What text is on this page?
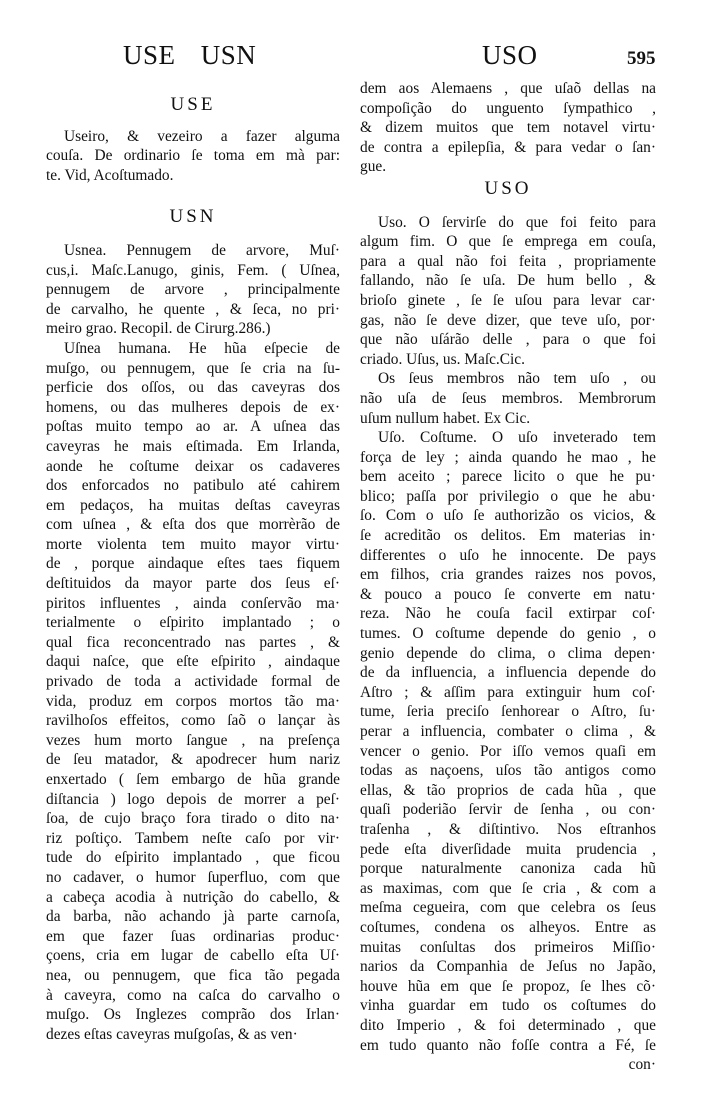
USE USN	USO	595
USE
Useiro, & vezeiro a fazer alguma
couſa. De ordinario ſe toma em mà par:
te. Vid, Acoſtumado.
USN
Usnea. Pennugem de arvore, Muſ·
cus,i. Maſc.Lanugo, ginis, Fem. ( Uſnea,
pennugem de arvore , principalmente
de carvalho, he quente , & ſeca, no pri·
meiro grao. Recopil. de Cirurg.286.)
Uſnea humana. He hũa eſpecie de
muſgo, ou pennugem, que ſe cria na ſu-
perficie dos oſſos, ou das caveyras dos
homens, ou das mulheres depois de ex·
poſtas muito tempo ao ar. A uſnea das
caveyras he mais eſtimada. Em Irlanda,
aonde he coſtume deixar os cadaveres
dos enforcados no patibulo até cahirem
em pedaços, ha muitas deſtas caveyras
com uſnea , & eſta dos que morrèrão de
morte violenta tem muito mayor virtu·
de , porque aindaque eſtes taes fiquem
deſtituidos da mayor parte dos ſeus eſ·
piritos influentes , ainda conſervão ma·
terialmente o eſpirito implantado ; o
qual fica reconcentrado nas partes , &
daqui naſce, que eſte eſpirito , aindaque
privado de toda a actividade formal de
vida, produz em corpos mortos tão ma·
ravilhoſos effeitos, como ſaõ o lançar às
vezes hum morto ſangue , na preſença
de ſeu matador, & apodrecer hum nariz
enxertado ( ſem embargo de hũa grande
diſtancia ) logo depois de morrer a peſ·
ſoa, de cujo braço fora tirado o dito na·
riz poſtiço. Tambem neſte caſo por vir·
tude do eſpirito implantado , que ficou
no cadaver, o humor ſuperfluo, com que
a cabeça acodia à nutrição do cabello, &
da barba, não achando jà parte carnoſa,
em que fazer ſuas ordinarias produc·
çoens, cria em lugar de cabello eſta Uſ·
nea, ou pennugem, que fica tão pegada
à caveyra, como na caſca do carvalho o
muſgo. Os Inglezes comprão dos Irlan·
dezes eſtas caveyras muſgoſas, & as ven·
dem aos Alemaens , que uſaõ dellas na
compoſição do unguento ſympathico ,
& dizem muitos que tem notavel virtu·
de contra a epilepſia, & para vedar o ſan·
gue.
USO
Uso. O ſervirſe do que foi feito para
algum fim. O que ſe emprega em couſa,
para a qual não foi feita , propriamente
fallando, não ſe uſa. De hum bello , &
brioſo ginete , ſe ſe uſou para levar car·
gas, não ſe deve dizer, que teve uſo, por·
que não uſárão delle , para o que foi
criado. Uſus, us. Maſc.Cic.
Os ſeus membros não tem uſo , ou
não uſa de ſeus membros. Membrorum
uſum nullum habet. Ex Cic.
Uſo. Coſtume. O uſo inveterado tem
força de ley ; ainda quando he mao , he
bem aceito ; parece licito o que he pu·
blico; paſſa por privilegio o que he abu·
ſo. Com o uſo ſe authorizão os vicios, &
ſe acreditão os delitos. Em materias in·
differentes o uſo he innocente. De pays
em filhos, cria grandes raizes nos povos,
& pouco a pouco ſe converte em natu·
reza. Não he couſa facil extirpar coſ·
tumes. O coſtume depende do genio , o
genio depende do clima, o clima depen·
de da influencia, a influencia depende do
Aſtro ; & aſſim para extinguir hum coſ·
tume, ſeria preciſo ſenhorear o Aſtro, ſu·
perar a influencia, combater o clima , &
vencer o genio. Por iſſo vemos quaſi em
todas as naçoens, uſos tão antigos como
ellas, & tão proprios de cada hũa , que
quaſi poderião ſervir de ſenha , ou con·
traſenha , & diſtintivo. Nos eſtranhos
pede eſta diverſidade muita prudencia ,
porque naturalmente canoniza cada hũ
as maximas, com que ſe cria , & com a
meſma cegueira, com que celebra os ſeus
coſtumes, condena os alheyos. Entre as
muitas conſultas dos primeiros Miſſio·
narios da Companhia de Jeſus no Japão,
houve hũa em que ſe propoz, ſe lhes cõ·
vinha guardar em tudo os coſtumes do
dito Imperio , & foi determinado , que
em tudo quanto não foſſe contra a Fé, ſe
con·
